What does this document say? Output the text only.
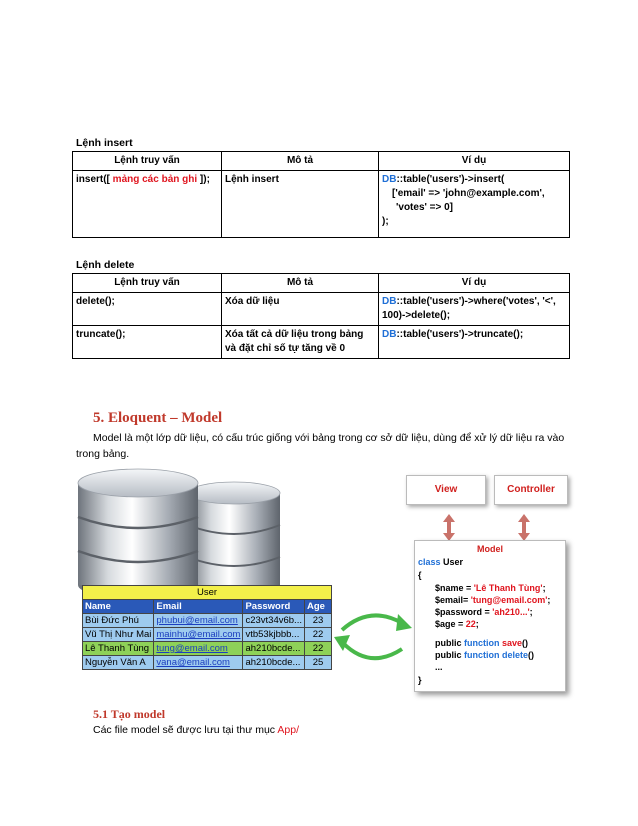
Lệnh insert
Lệnh truy vấn	Mô tả	Ví dụ
insert([ mảng các bản ghi ]);	Lệnh insert	DB::table('users')->insert(
['email' => 'john@example.com',
'votes' => 0]
);
Lệnh delete
Lệnh truy vấn	Mô tả	Ví dụ
delete();	Xóa dữ liệu	DB::table('users')->where('votes', '<',
100)->delete();

truncate();	Xóa tất cả dữ liệu trong bảng
và đặt chỉ số tự tăng về 0	DB::table('users')->truncate();
5. Eloquent – Model
Model là một lớp dữ liệu, có cấu trúc giống với bảng trong cơ sở dữ liệu, dùng để xử lý dữ liệu ra vào
trong bảng.
View	Controller
Model
class User
{
$name = 'Lê Thanh Tùng';
$email= 'tung@email.com';
$password = 'ah210...';
$age = 22;
public function save()
public function delete()
...
}
User			
Name	Email	Password	Age
Bùi Đức Phú	phubui@email.com	c23vt34v6b...	23
Vũ Thị Như Mai	mainhu@email.com	vtb53kjbbb...	22
Lê Thanh Tùng	tung@email.com	ah210bcde...	22
Nguyễn Văn A	vana@email.com	ah210bcde...	25
5.1 Tạo model
Các file model sẽ được lưu tại thư mục App/
